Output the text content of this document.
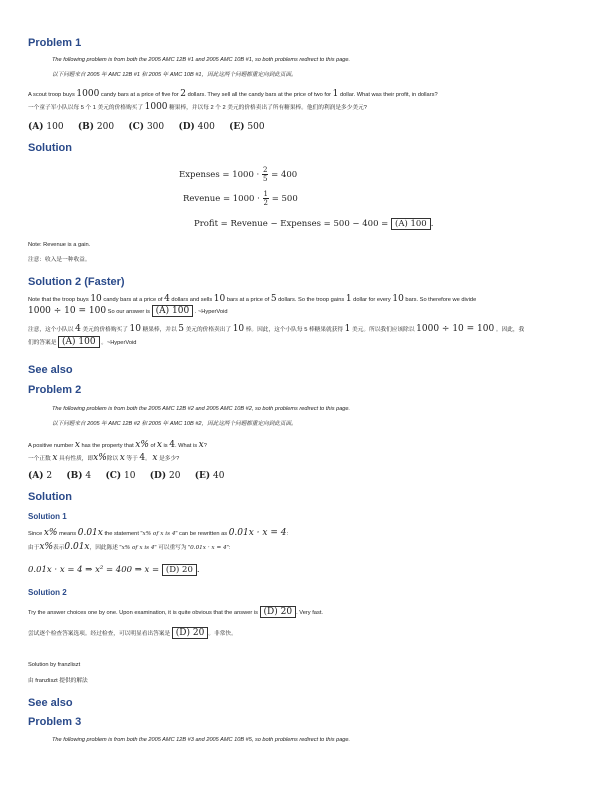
Problem 1
The following problem is from both the 2005 AMC 12B #1 and 2005 AMC 10B #1, so both problems redirect to this page.
以下问题来自 2005 年 AMC 12B #1 和 2005 年 AMC 10B #1，因此这两个问题都重定向到此页面。
A scout troop buys 1000 candy bars at a price of five for 2 dollars. They sell all the candy bars at the price of two for 1 dollar. What was their profit, in dollars?
一个童子军小队以每 5 个 1 美元的价格购买了 1000 糖果棒，并以每 2 个 2 美元的价格卖出了所有糖果棒。他们的利润是多少美元?
(A) 100 (B) 200 (C) 300 (D) 400 (E) 500
Solution
Expenses = $1000 \cdot \frac{2}{5} = 400$
Revenue = $1000 \cdot \frac{1}{2} = 500$
Profit = Revenue − Expenses = 500 − 400 = (A) 100 .
Note: Revenue is a gain.
注意：收入是一种收益。
Solution 2 (Faster)
Note that the troop buys 10 candy bars at a price of 4 dollars and sells 10 bars at a price of 5 dollars. So the troop gains 1 dollar for every 10 bars. So therefore we divide
1000 ÷ 10 = 100 So our answer is (A) 100 . ~HyperVoid
注意，这个小队以 4 美元的价格购买了 10 糖果棒，并以 5 美元的价格卖出了 10 棒。因此，这个小队每 5 棒糖果就获得 1 美元。所以我们应该除以 1000 ÷ 10 = 100 。因此，我
们的答案是 (A) 100 。~HyperVoid
See also
Problem 2
The following problem is from both the 2005 AMC 12B #2 and 2005 AMC 10B #2, so both problems redirect to this page.
以下问题来自 2005 年 AMC 12B #2 和 2005 年 AMC 10B #2，因此这两个问题都重定向到此页面。
A positive number x has the property that x% of x is 4. What is x?
一个正数 x 具有性质，即x%除以 x 等于 4。 x 是多少?
(A) 2 (B) 4 (C) 10 (D) 20 (E) 40
Solution
Solution 1
Since x% means 0.01x the statement "x% of x is 4" can be rewritten as 0.01x · x = 4:
由于x%表示0.01x，因此陈述 "x% of x is 4" 可以重写为 "0.01x · x = 4":
0.01x · x = 4 ⇒ x² = 400 ⇒ x = (D) 20 .
Solution 2
Try the answer choices one by one. Upon examination, it is quite obvious that the answer is (D) 20 . Very fast.
尝试逐个检查答案选项。经过检查，可以明显看出答案是 (D) 20 。非常快。
Solution by franzliszt
由 franzliszt 提供的解法
See also
Problem 3
The following problem is from both the 2005 AMC 12B #3 and 2005 AMC 10B #5, so both problems redirect to this page.
